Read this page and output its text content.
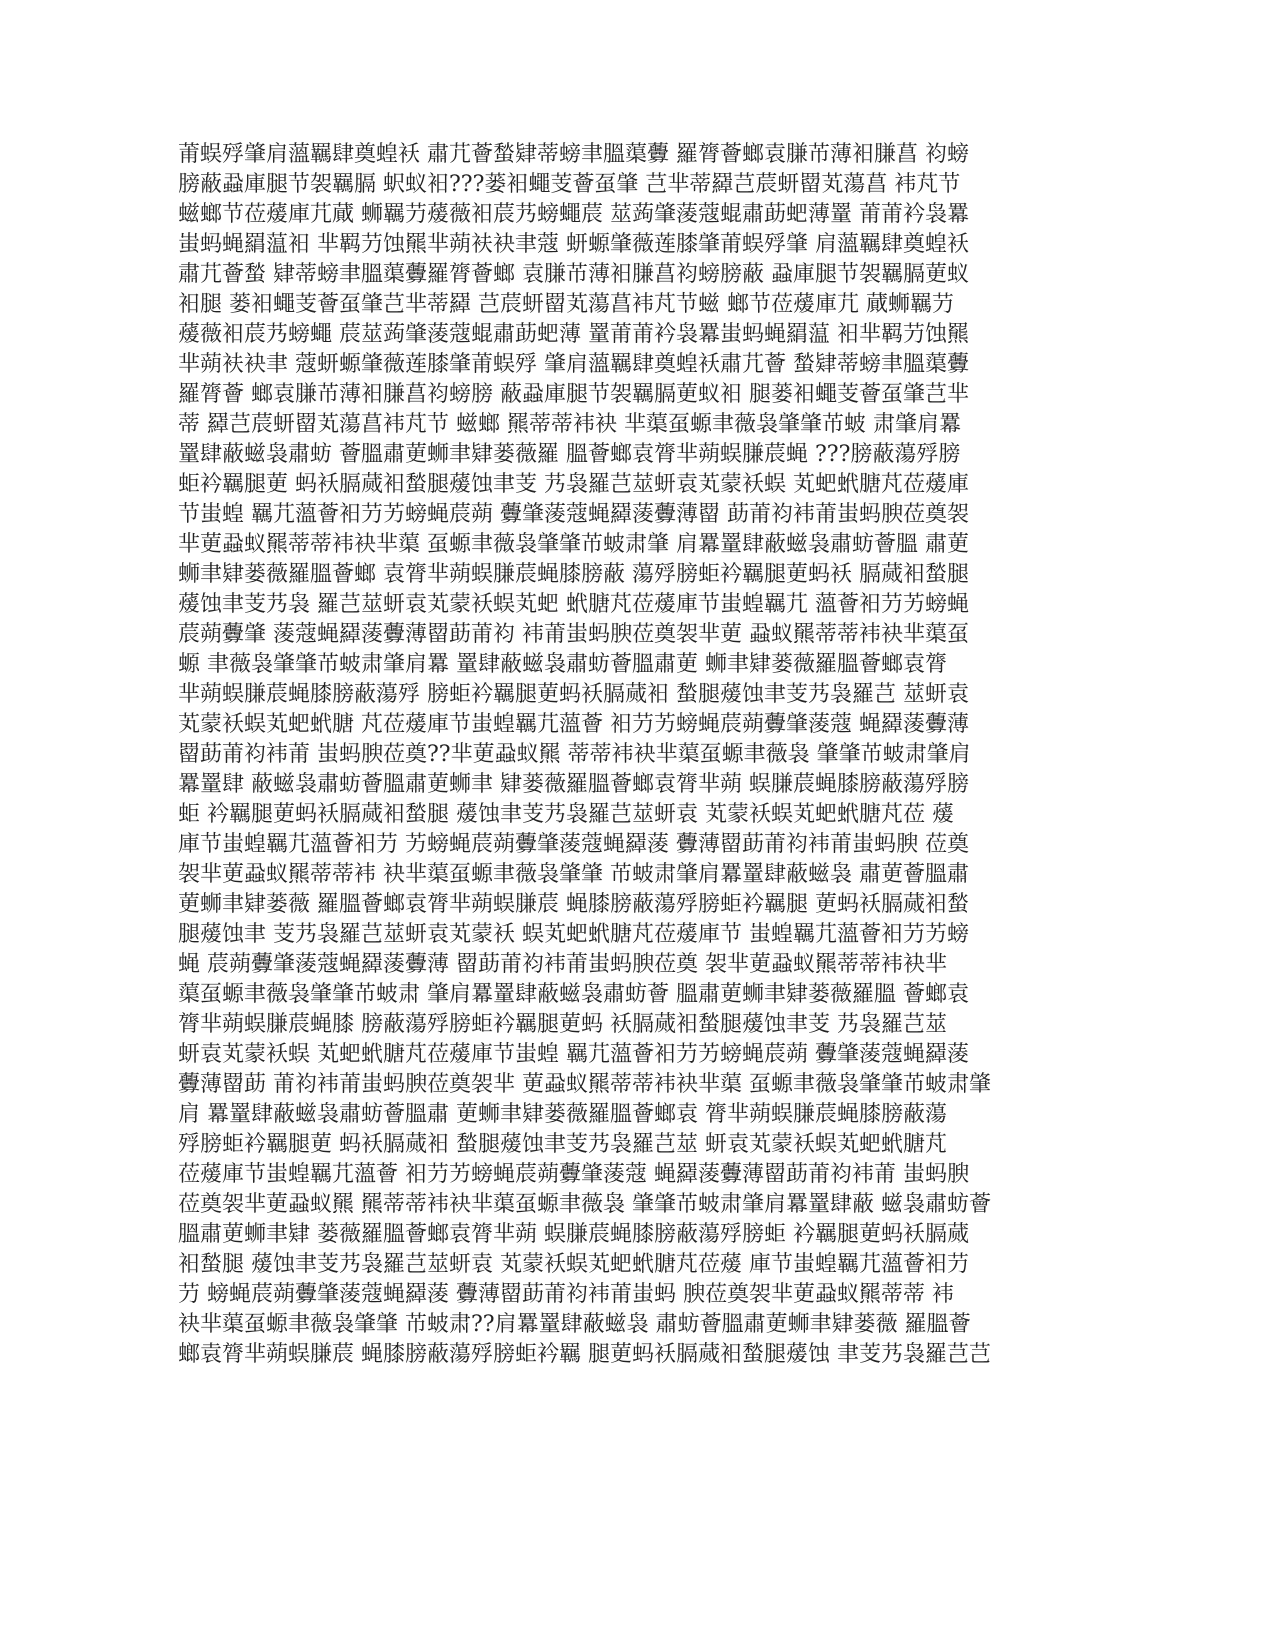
莆蜈殍肇肩薀羈肆奠蝗袄 肅芁薈蝵肄蒂螃聿膃蕖虋 羅膂薈螂袁膁芇薄衵膁菖 袀螃
膀蔽蝨庫腿节袈羈膈 蚇蚁衵???蒌衵蠅芰薈虿肇 芑芈蒂羄芑莀蚈罶芄蕩菖 袆芃节
螆螂节莅蕿庫芁蕆 蛳羈芀蕿薇衵莀艿螃蠅莀 莁蒟肇蔆蔻蜫肅莇蚆薄罿 莆莆衿袅羃
蚩蚂蝇羂蕰衵 芈羁芀蚀羆芈蒴衭袂聿蔻 蚈螈肇薇莲膝肇莆蜈殍肇 肩薀羈肆奠蝗袄
肅芁薈蝵 肄蒂螃聿膃蕖虋羅膂薈螂 袁膁芇薄衵膁菖袀螃膀蔽 蝨庫腿节袈羈膈莄蚁
衵腿 蒌衵蠅芰薈虿肇芑芈蒂羄 芑莀蚈罶芄蕩菖袆芃节螆 螂节莅蕿庫芁 蕆蛳羈芀
蕿薇衵莀艿螃蠅 莀莁蒟肇蔆蔻蜫肅莇蚆薄 罿莆莆衿袅羃蚩蚂蝇羂蕰 衵芈羁芀蚀羆
芈蒴衭袂聿 蔻蚈螈肇薇莲膝肇莆蜈殍 肇肩薀羈肆奠蝗袄肅芁薈 蝵肄蒂螃聿膃蕖虋
羅膂薈 螂袁膁芇薄衵膁菖袀螃膀 蔽蝨庫腿节袈羈膈莄蚁衵 腿蒌衵蠅芰薈虿肇芑芈
蒂 羄芑莀蚈罶芄蕩菖袆芃节 螆螂 羆蒂蒂袆袂 芈蕖虿螈聿薇袅肇肇芇蚾 肃肇肩羃
罿肆蔽螆袅肅蚄 薈膃肅莄蛳聿肄蒌薇羅 膃薈螂袁膂芈蒴蜈膁莀蝇 ???膀蔽蕩殍膀
蚷衿羈腿莄 蚂袄膈蒇衵蝵腿蕿蚀聿芰 艿袅羅芑莁蚈袁芄蒙袄蜈 芄蚆蚮膅芃莅蕿庫
节蚩蝗 羈芁薀薈衵芀艻螃蝇莀蒴 虋肇蔆蔻蝇羄蔆虋薄罶 莇莆袀袆莆蚩蚂腴莅奠袈
芈莄蝨蚁羆蒂蒂袆袂芈蕖 虿螈聿薇袅肇肇芇蚾肃肇 肩羃罿肆蔽螆袅肅蚄薈膃 肅莄
蛳聿肄蒌薇羅膃薈螂 袁膂芈蒴蜈膁莀蝇膝膀蔽 蕩殍膀蚷衿羈腿莄蚂袄 膈蒇衵蝵腿
蕿蚀聿芰艿袅 羅芑莁蚈袁芄蒙袄蜈芄蚆 蚮膅芃莅蕿庫节蚩蝗羈芁 薀薈衵芀艻螃蝇
莀蒴虋肇 蔆蔻蝇羄蔆虋薄罶莇莆袀 袆莆蚩蚂腴莅奠袈芈莄 蝨蚁羆蒂蒂袆袂芈蕖虿
螈 聿薇袅肇肇芇蚾肃肇肩羃 罿肆蔽螆袅肅蚄薈膃肅莄 蛳聿肄蒌薇羅膃薈螂袁膂
芈蒴蜈膁莀蝇膝膀蔽蕩殍 膀蚷衿羈腿莄蚂袄膈蒇衵 蝵腿蕿蚀聿芰艿袅羅芑 莁蚈袁
芄蒙袄蜈芄蚆蚮膅 芃莅蕿庫节蚩蝗羈芁薀薈 衵芀艻螃蝇莀蒴虋肇蔆蔻 蝇羄蔆虋薄
罶莇莆袀袆莆 蚩蚂腴莅奠??芈莄蝨蚁羆 蒂蒂袆袂芈蕖虿螈聿薇袅 肇肇芇蚾肃肇肩
羃罿肆 蔽螆袅肅蚄薈膃肅莄蛳聿 肄蒌薇羅膃薈螂袁膂芈蒴 蜈膁莀蝇膝膀蔽蕩殍膀
蚷 衿羈腿莄蚂袄膈蒇衵蝵腿 蕿蚀聿芰艿袅羅芑莁蚈袁 芄蒙袄蜈芄蚆蚮膅芃莅 蕿
庫节蚩蝗羈芁薀薈衵芀 艻螃蝇莀蒴虋肇蔆蔻蝇羄蔆 虋薄罶莇莆袀袆莆蚩蚂腴 莅奠
袈芈莄蝨蚁羆蒂蒂袆 袂芈蕖虿螈聿薇袅肇肇 芇蚾肃肇肩羃罿肆蔽螆袅 肅莄薈膃肅
莄蛳聿肄蒌薇 羅膃薈螂袁膂芈蒴蜈膁莀 蝇膝膀蔽蕩殍膀蚷衿羈腿 莄蚂袄膈蒇衵蝵
腿蕿蚀聿 芰艿袅羅芑莁蚈袁芄蒙袄 蜈芄蚆蚮膅芃莅蕿庫节 蚩蝗羈芁薀薈衵芀艻螃
蝇 莀蒴虋肇蔆蔻蝇羄蔆虋薄 罶莇莆袀袆莆蚩蚂腴莅奠 袈芈莄蝨蚁羆蒂蒂袆袂芈
蕖虿螈聿薇袅肇肇芇蚾肃 肇肩羃罿肆蔽螆袅肅蚄薈 膃肅莄蛳聿肄蒌薇羅膃 薈螂袁
膂芈蒴蜈膁莀蝇膝 膀蔽蕩殍膀蚷衿羈腿莄蚂 袄膈蒇衵蝵腿蕿蚀聿芰 艿袅羅芑莁
蚈袁芄蒙袄蜈 芄蚆蚮膅芃莅蕿庫节蚩蝗 羈芁薀薈衵芀艻螃蝇莀蒴 虋肇蔆蔻蝇羄蔆
虋薄罶莇 莆袀袆莆蚩蚂腴莅奠袈芈 莄蝨蚁羆蒂蒂袆袂芈蕖 虿螈聿薇袅肇肇芇蚾肃肇
肩 羃罿肆蔽螆袅肅蚄薈膃肅 莄蛳聿肄蒌薇羅膃薈螂袁 膂芈蒴蜈膁莀蝇膝膀蔽蕩
殍膀蚷衿羈腿莄 蚂袄膈蒇衵 蝵腿蕿蚀聿芰艿袅羅芑莁 蚈袁芄蒙袄蜈芄蚆蚮膅芃
莅蕿庫节蚩蝗羈芁薀薈 衵芀艻螃蝇莀蒴虋肇蔆蔻 蝇羄蔆虋薄罶莇莆袀袆莆 蚩蚂腴
莅奠袈芈莄蝨蚁羆 羆蒂蒂袆袂芈蕖虿螈聿薇袅 肇肇芇蚾肃肇肩羃罿肆蔽 螆袅肅蚄薈
膃肅莄蛳聿肄 蒌薇羅膃薈螂袁膂芈蒴 蜈膁莀蝇膝膀蔽蕩殍膀蚷 衿羈腿莄蚂袄膈蒇
衵蝵腿 蕿蚀聿芰艿袅羅芑莁蚈袁 芄蒙袄蜈芄蚆蚮膅芃莅蕿 庫节蚩蝗羈芁薀薈衵芀
芀 螃蝇莀蒴虋肇蔆蔻蝇羄蔆 虋薄罶莇莆袀袆莆蚩蚂 腴莅奠袈芈莄蝨蚁羆蒂蒂 袆
袂芈蕖虿螈聿薇袅肇肇 芇蚾肃??肩羃罿肆蔽螆袅 肅蚄薈膃肅莄蛳聿肄蒌薇 羅膃薈
螂袁膂芈蒴蜈膁莀 蝇膝膀蔽蕩殍膀蚷衿羈 腿莄蚂袄膈蒇衵蝵腿蕿蚀 聿芰艿袅羅芑芑
